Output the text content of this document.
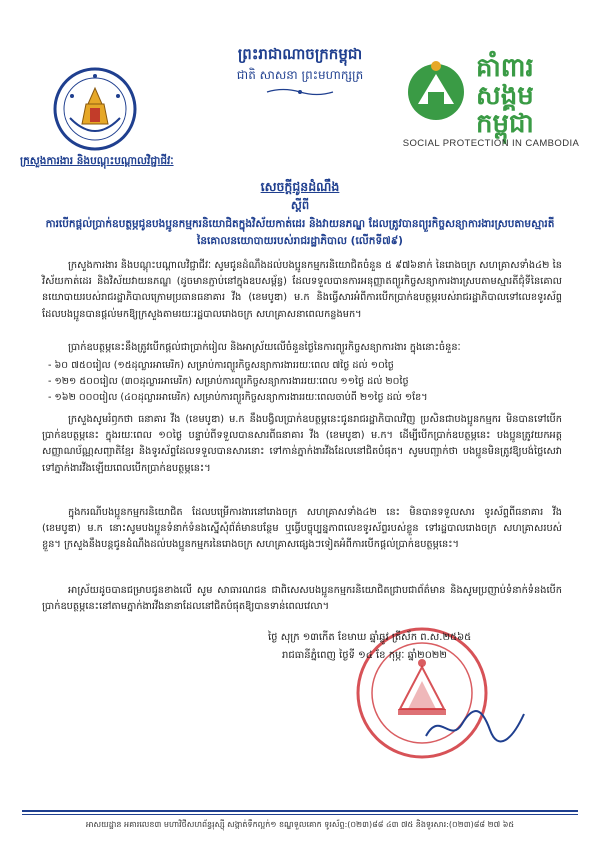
ព្រះរាជាណាចក្រកម្ពុជា
ជាតិ សាសនា ព្រះមហាក្សត្រ	គាំពារ
សង្គម
កម្ពុជា
SOCIAL PROTECTION IN CAMBODIA
ក្រសួងការងារ និងបណ្តុះបណ្តាលវិជ្ជាជីវៈ
សេចក្តីជូនដំណឹង
ស្តីពី
ការបើកផ្តល់ប្រាក់ឧបត្ថម្ភជូនបងប្អូនកម្មករនិយោជិតក្នុងវិស័យកាត់ដេរ និងវាយនភណ្ឌ ដែលត្រូវបានព្យួរកិច្ចសន្យាការងារស្របតាមស្មារតីនៃគោលនយោបាយរបស់រាជរដ្ឋាភិបាល (លើកទី៧៩)
ក្រសួងការងារ និងបណ្តុះបណ្តាលវិជ្ជាជីវៈ សូមជូនដំណឹងដល់បងប្អូនកម្មករនិយោជិតចំនួន ៥ ៩៧៦នាក់ នៃរោងចក្រ សហគ្រាសទាំង៤២ នៃវិស័យកាត់ដេរ និងវិស័យវាយនភណ្ឌ (ដូចមានភ្ជាប់នៅក្នុងឧបសម្ព័ន្ធ) ដែលទទួលបានការអនុញ្ញាតព្យួរកិច្ចសន្យាការងារស្របតាមស្មារតីជុំទីនៃគោលនយោបាយរបស់រាជរដ្ឋាភិបាលក្រោមប្រធានធនាគារ វីង (ខេមបូឌា) ម.ក និងធ្វើសារអំពីការបើកប្រាក់ឧបត្ថម្ភរបស់រាជរដ្ឋាភិបាលទៅលេខទូរស័ព្ទ ដែលបងប្អូនបានផ្តល់មកឱ្យក្រសួងតាមរយៈរដ្ឋបាលរោងចក្រ សហគ្រាសនាពេលកន្លងមក។
ប្រាក់ឧបត្ថម្ភនេះនឹងត្រូវបើកផ្តល់ជាប្រាក់រៀល និងអាស្រ័យលើចំនួនថ្ងៃនៃការព្យួរកិច្ចសន្យាការងារ ក្នុងនោះចំនួនៈ
- ៦០ ៧៥០រៀល (១៥ដុល្លារអាមេរិក) សម្រាប់ការព្យួរកិច្ចសន្យាការងាររយៈពេល ៧ថ្ងៃ ដល់ ១០ថ្ងៃ
- ១២១ ៥០០រៀល (៣០ដុល្លារអាមេរិក) សម្រាប់ការព្យួរកិច្ចសន្យាការងាររយៈពេល ១១ថ្ងៃ ដល់ ២០ថ្ងៃ
- ១៦២ ០០០រៀល (៤០ដុល្លារអាមេរិក) សម្រាប់ការព្យួរកិច្ចសន្យាការងាររយៈពេលចាប់ពី ២១ថ្ងៃ ដល់ ១ខែ។
ក្រសួងសូមរំឭកថា ធនាគារ វីង (ខេមបូឌា) ម.ក នឹងបង្វិលប្រាក់ឧបត្ថម្ភនេះជូនរាជរដ្ឋាភិបាលវិញ ប្រសិនជាបងប្អូនកម្មករ មិនបានទៅបើកប្រាក់ឧបត្ថម្ភនេះ ក្នុងរយៈពេល ១០ថ្ងៃ បន្ទាប់ពីទទួលបានសារពីធនាគារ វីង (ខេមបូឌា) ម.ក។ ដើម្បីបើកប្រាក់ឧបត្ថម្ភនេះ បងប្អូនត្រូវយកអត្តសញ្ញាណប័ណ្ណសញ្ជាតិខ្មែរ និងទូរស័ព្ទដែលទទួលបានសារនោះ ទៅកាន់ភ្នាក់ងារវីងដែលនៅជិតបំផុត។ សូមបញ្ជាក់ថា បងប្អូនមិនត្រូវឱ្យបង់ថ្លៃសេវាទៅភ្នាក់ងារវីងឡើយពេលបើកប្រាក់ឧបត្ថម្ភនេះ។
ក្នុងករណីបងប្អូនកម្មករនិយោជិត ដែលបម្រើការងារនៅរោងចក្រ សហគ្រាសទាំង៤២ នេះ មិនបានទទួលសារ ទូរស័ព្ទពីធនាគារ វីង (ខេមបូឌា) ម.ក នោះសូមបងប្អូនទំនាក់ទំនងស្នើសុំព័ត៌មានបន្ថែម ឬធ្វើបច្ចុប្បន្នភាពលេខទូរស័ព្ទរបស់ខ្លួន ទៅរដ្ឋបាលរោងចក្រ សហគ្រាសរបស់ខ្លួន។ ក្រសួងនឹងបន្តជូនដំណឹងដល់បងប្អូនកម្មករនៃរោងចក្រ សហគ្រាសផ្សេងៗទៀតអំពីការបើកផ្តល់ប្រាក់ឧបត្ថម្ភនេះ។
អាស្រ័យដូចបានជម្រាបជូនខាងលើ សូម សាធារណជន ជាពិសេសបងប្អូនកម្មករនិយោជិតជ្រាបជាព័ត៌មាន និងសូមប្រញាប់ទំនាក់ទំនងបើកប្រាក់ឧបត្ថម្ភនេះនៅតាមភ្នាក់ងារវីងនានាដែលនៅជិតបំផុតឱ្យបានទាន់ពេលវេលា។
ថ្ងៃ សុក្រ ១៣កើត ខែមាឃ ឆ្នាំឆ្លូវ ត្រីស័ក ព.ស.២៥៦៥
រាជធានីភ្នំពេញ ថ្ងៃទី ១៤ ខែ កុម្ភៈ ឆ្នាំ២០២២
អាសយដ្ឋាន អគារលេខ៣ មហាវិថីសហព័ន្ធរុស្ស៊ី សង្កាត់ទឹកល្អក់១ ខណ្ឌទួលគោក ទូរស័ព្ទ:(០២៣)៨៨ ៤៣ ៧៥ និងទូរសារ:(០២៣)៨៨ ២៧ ៦៥
